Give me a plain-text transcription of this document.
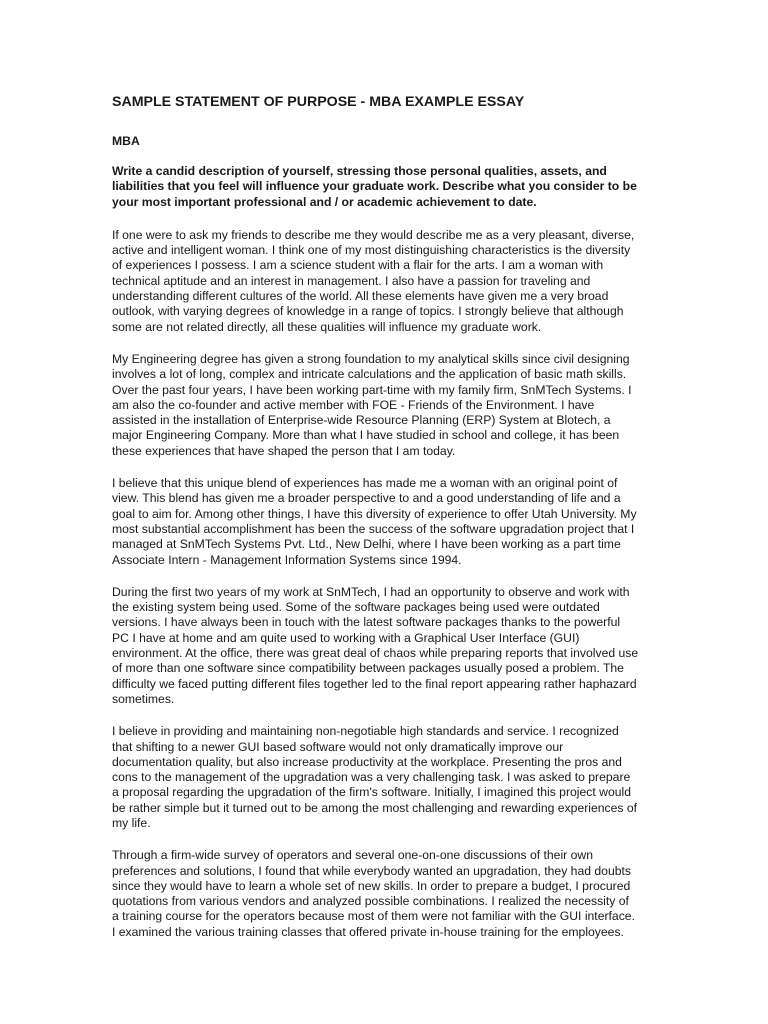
SAMPLE STATEMENT OF PURPOSE - MBA EXAMPLE ESSAY
MBA
Write a candid description of yourself, stressing those personal qualities, assets, and
liabilities that you feel will influence your graduate work. Describe what you consider to be
your most important professional and / or academic achievement to date.
If one were to ask my friends to describe me they would describe me as a very pleasant, diverse,
active and intelligent woman. I think one of my most distinguishing characteristics is the diversity
of experiences I possess. I am a science student with a flair for the arts. I am a woman with
technical aptitude and an interest in management. I also have a passion for traveling and
understanding different cultures of the world. All these elements have given me a very broad
outlook, with varying degrees of knowledge in a range of topics. I strongly believe that although
some are not related directly, all these qualities will influence my graduate work.
My Engineering degree has given a strong foundation to my analytical skills since civil designing
involves a lot of long, complex and intricate calculations and the application of basic math skills.
Over the past four years, I have been working part-time with my family firm, SnMTech Systems. I
am also the co-founder and active member with FOE - Friends of the Environment. I have
assisted in the installation of Enterprise-wide Resource Planning (ERP) System at Blotech, a
major Engineering Company. More than what I have studied in school and college, it has been
these experiences that have shaped the person that I am today.
I believe that this unique blend of experiences has made me a woman with an original point of
view. This blend has given me a broader perspective to and a good understanding of life and a
goal to aim for. Among other things, I have this diversity of experience to offer Utah University. My
most substantial accomplishment has been the success of the software upgradation project that I
managed at SnMTech Systems Pvt. Ltd., New Delhi, where I have been working as a part time
Associate Intern - Management Information Systems since 1994.
During the first two years of my work at SnMTech, I had an opportunity to observe and work with
the existing system being used. Some of the software packages being used were outdated
versions. I have always been in touch with the latest software packages thanks to the powerful
PC I have at home and am quite used to working with a Graphical User Interface (GUI)
environment. At the office, there was great deal of chaos while preparing reports that involved use
of more than one software since compatibility between packages usually posed a problem. The
difficulty we faced putting different files together led to the final report appearing rather haphazard
sometimes.
I believe in providing and maintaining non-negotiable high standards and service. I recognized
that shifting to a newer GUI based software would not only dramatically improve our
documentation quality, but also increase productivity at the workplace. Presenting the pros and
cons to the management of the upgradation was a very challenging task. I was asked to prepare
a proposal regarding the upgradation of the firm's software. Initially, I imagined this project would
be rather simple but it turned out to be among the most challenging and rewarding experiences of
my life.
Through a firm-wide survey of operators and several one-on-one discussions of their own
preferences and solutions, I found that while everybody wanted an upgradation, they had doubts
since they would have to learn a whole set of new skills. In order to prepare a budget, I procured
quotations from various vendors and analyzed possible combinations. I realized the necessity of
a training course for the operators because most of them were not familiar with the GUI interface.
I examined the various training classes that offered private in-house training for the employees.
